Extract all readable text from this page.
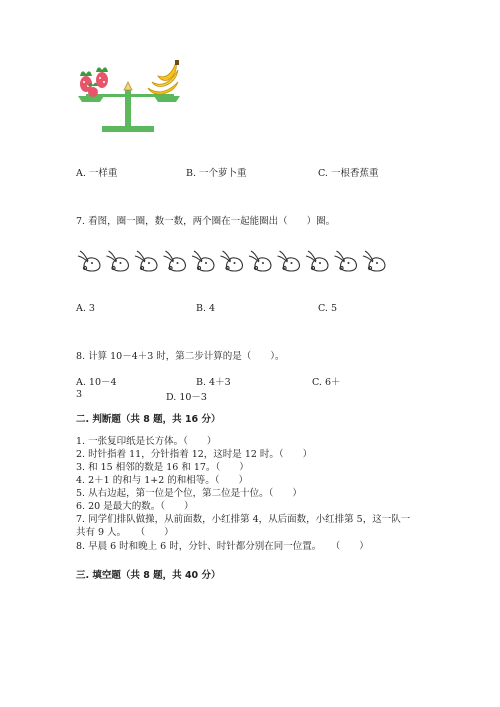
A. 一样重	B. 一个萝卜重	C. 一根香蕉重
7. 看图，圈一圈，数一数，两个圈在一起能圈出（　　）圈。
A. 3	B. 4	C. 5
8. 计算 10－4＋3 时，第二步计算的是（　　）。
A. 10－4	B. 4＋3	C. 6＋
3	D. 10－3
二. 判断题（共 8 题，共 16 分）
1. 一张复印纸是长方体。（　　）
2. 时针指着 11，分针指着 12，这时是 12 时。（　　）
3. 和 15 相邻的数是 16 和 17。（　　）
4. 2＋1 的和与 1+2 的和相等。（　　）
5. 从右边起，第一位是个位，第二位是十位。（　　）
6. 20 是最大的数。（　　）
7. 同学们排队做操，从前面数，小红排第 4，从后面数，小红排第 5，这一队一
共有 9 人。　　（　　）
8. 早晨 6 时和晚上 6 时，分针、时针都分别在同一位置。　　（　　）
三. 填空题（共 8 题，共 40 分）
